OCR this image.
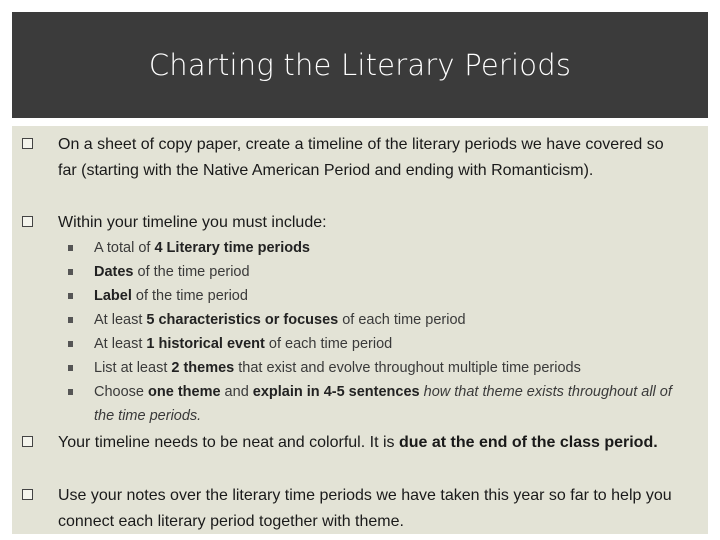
Charting the Literary Periods
On a sheet of copy paper, create a timeline of the literary periods we have covered so far (starting with the Native American Period and ending with Romanticism).
Within your timeline you must include:
A total of 4 Literary time periods
Dates of the time period
Label of the time period
At least 5 characteristics or focuses of each time period
At least 1 historical event of each time period
List at least 2 themes that exist and evolve throughout multiple time periods
Choose one theme and explain in 4-5 sentences how that theme exists throughout all of the time periods.
Your timeline needs to be neat and colorful. It is due at the end of the class period.
Use your notes over the literary time periods we have taken this year so far to help you connect each literary period together with theme.
